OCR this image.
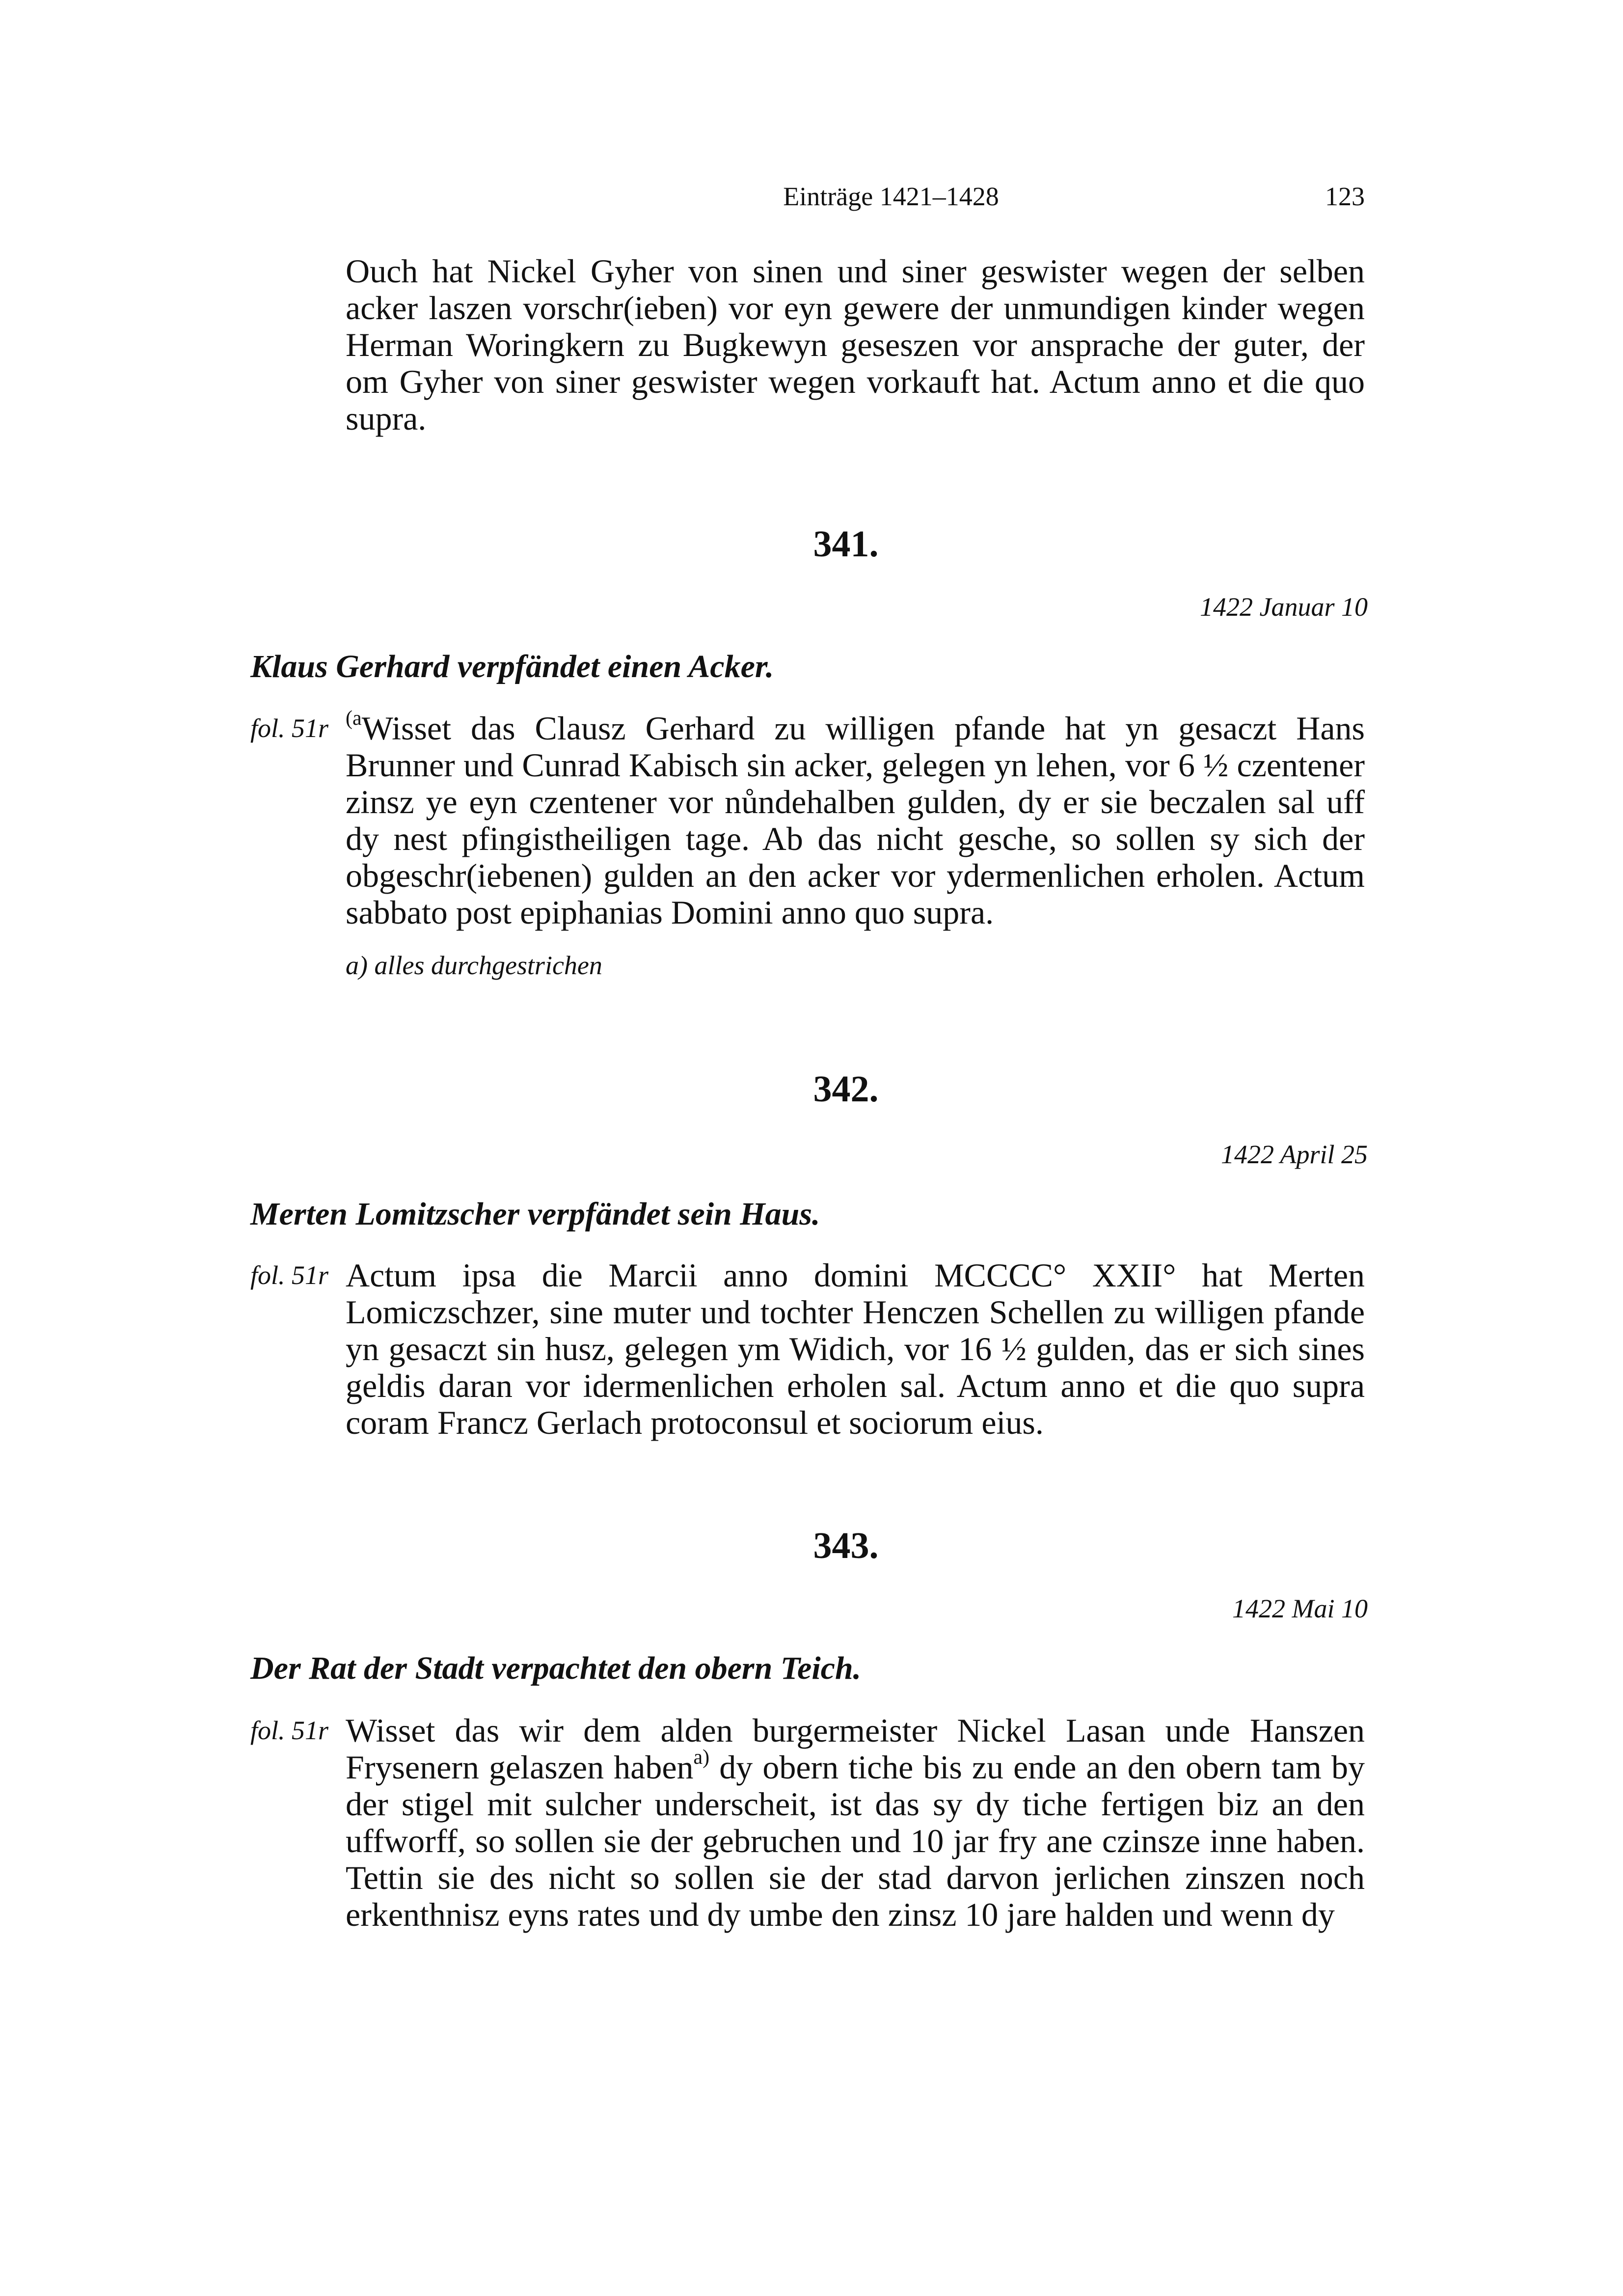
Einträge 1421–1428	123

Ouch hat Nickel Gyher von sinen und siner geswister wegen der selben acker laszen vorschr(ieben) vor eyn gewere der unmundigen kinder wegen Herman Woringkern zu Bugkewyn geseszen vor ansprache der guter, der om Gyher von siner geswister wegen vorkauft hat. Actum anno et die quo supra.

341.
1422 Januar 10
Klaus Gerhard verpfändet einen Acker.
fol. 51r $^{(a}$Wisset das Clausz Gerhard zu willigen pfande hat yn gesaczt Hans Brunner und Cunrad Kabisch sin acker, gelegen yn lehen, vor 6 ½ czentener zinsz ye eyn czentener vor nůndehalben gulden, dy er sie beczalen sal uff dy nest pfingistheiligen tage. Ab das nicht gesche, so sollen sy sich der obgeschr(iebenen) gulden an den acker vor ydermenlichen erholen. Actum sabbato post epiphanias Domini anno quo supra.

a) alles durchgestrichen
342.
1422 April 25
Merten Lomitzscher verpfändet sein Haus.
fol. 51r Actum ipsa die Marcii anno domini MCCCC° XXII° hat Merten Lomiczschzer, sine muter und tochter Henczen Schellen zu willigen pfande yn gesaczt sin husz, gelegen ym Widich, vor 16 ½ gulden, das er sich sines geldis daran vor idermenlichen erholen sal. Actum anno et die quo supra coram Francz Gerlach protoconsul et sociorum eius.

343.
1422 Mai 10
Der Rat der Stadt verpachtet den obern Teich.
fol. 51r Wisset das wir dem alden burgermeister Nickel Lasan unde Hanszen Frysenern gelaszen haben$^{a)}$ dy obern tiche bis zu ende an den obern tam by der stigel mit sulcher underscheit, ist das sy dy tiche fertigen biz an den uffworff, so sollen sie der gebruchen und 10 jar fry ane czinsze inne haben. Tettin sie des nicht so sollen sie der stad darvon jerlichen zinszen noch erkenthnisz eyns rates und dy umbe den zinsz 10 jare halden und wenn dy
